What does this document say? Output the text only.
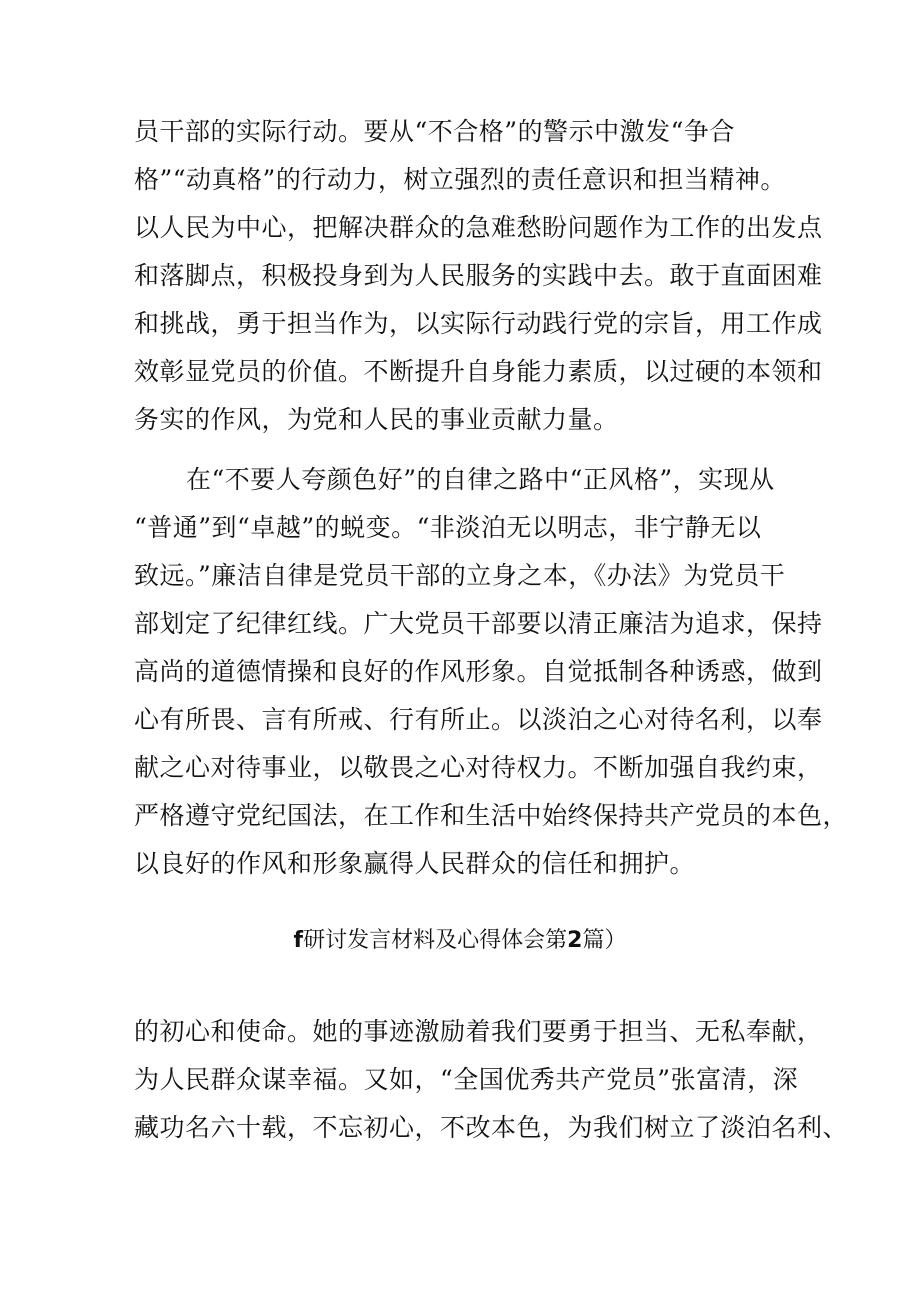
员干部的实际行动。要从“不合格”的警示中激发“争合
格”“动真格”的行动力，树立强烈的责任意识和担当精神。
以人民为中心，把解决群众的急难愁盼问题作为工作的出发点
和落脚点，积极投身到为人民服务的实践中去。敢于直面困难
和挑战，勇于担当作为，以实际行动践行党的宗旨，用工作成
效彰显党员的价值。不断提升自身能力素质，以过硬的本领和
务实的作风，为党和人民的事业贡献力量。
在“不要人夸颜色好”的自律之路中“正风格”，实现从
“普通”到“卓越”的蜕变。“非淡泊无以明志，非宁静无以
致远。”廉洁自律是党员干部的立身之本，《办法》为党员干
部划定了纪律红线。广大党员干部要以清正廉洁为追求，保持
高尚的道德情操和良好的作风形象。自觉抵制各种诱惑，做到
心有所畏、言有所戒、行有所止。以淡泊之心对待名利，以奉
献之心对待事业，以敬畏之心对待权力。不断加强自我约束，
严格遵守党纪国法，在工作和生活中始终保持共产党员的本色，
以良好的作风和形象赢得人民群众的信任和拥护。
f研讨发言材料及心得体会第2篇）
的初心和使命。她的事迹激励着我们要勇于担当、无私奉献，
为人民群众谋幸福。又如，“全国优秀共产党员”张富清，深
藏功名六十载，不忘初心，不改本色，为我们树立了淡泊名利、
